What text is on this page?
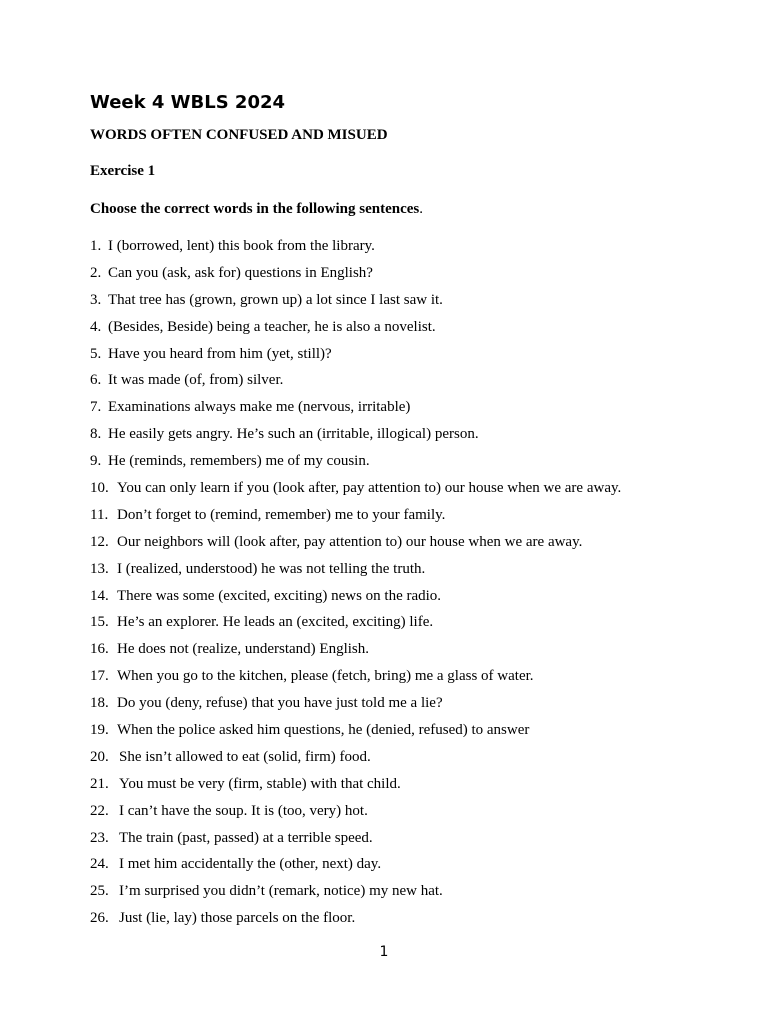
Week 4 WBLS 2024

WORDS OFTEN CONFUSED AND MISUED

Exercise 1

Choose the correct words in the following sentences.

1. I (borrowed, lent) this book from the library.
2. Can you (ask, ask for) questions in English?
3. That tree has (grown, grown up) a lot since I last saw it.
4. (Besides, Beside) being a teacher, he is also a novelist.
5. Have you heard from him (yet, still)?
6. It was made (of, from) silver.
7. Examinations always make me (nervous, irritable)
8. He easily gets angry. He’s such an (irritable, illogical) person.
9. He (reminds, remembers) me of my cousin.
10. You can only learn if you (look after, pay attention to) our house when we are away.
11. Don’t forget to (remind, remember) me to your family.
12. Our neighbors will (look after, pay attention to) our house when we are away.
13. I (realized, understood) he was not telling the truth.
14. There was some (excited, exciting) news on the radio.
15. He’s an explorer. He leads an (excited, exciting) life.
16. He does not (realize, understand) English.
17. When you go to the kitchen, please (fetch, bring) me a glass of water.
18. Do you (deny, refuse) that you have just told me a lie?
19. When the police asked him questions, he (denied, refused) to answer
20. She isn’t allowed to eat (solid, firm) food.
21. You must be very (firm, stable) with that child.
22. I can’t have the soup. It is (too, very) hot.
23. The train (past, passed) at a terrible speed.
24. I met him accidentally the (other, next) day.
25. I’m surprised you didn’t (remark, notice) my new hat.
26. Just (lie, lay) those parcels on the floor.
1
